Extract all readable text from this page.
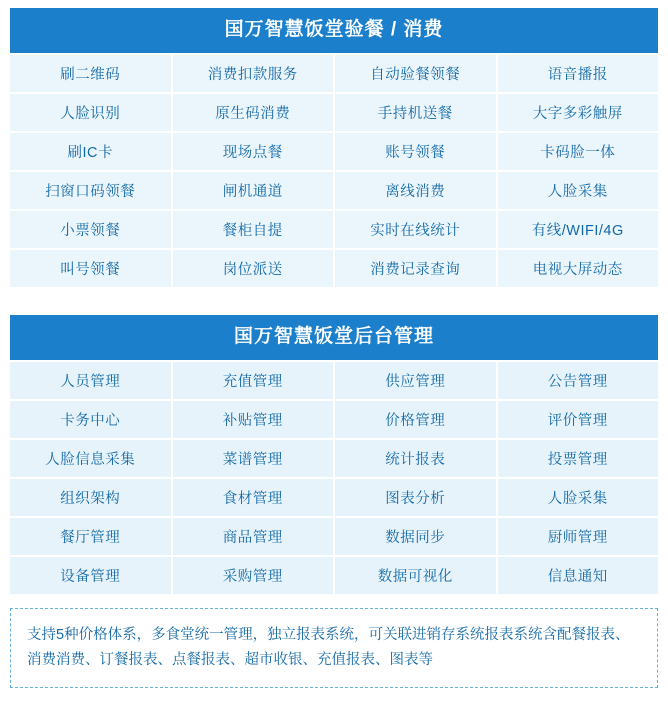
国万智慧饭堂验餐 / 消费
刷二维码	消费扣款服务	自动验餐领餐	语音播报
人脸识别	原生码消费	手持机送餐	大字多彩触屏
刷IC卡	现场点餐	账号领餐	卡码脸一体
扫窗口码领餐	闸机通道	离线消费	人脸采集
小票领餐	餐柜自提	实时在线统计	有线/WIFI/4G
叫号领餐	岗位派送	消费记录查询	电视大屏动态
国万智慧饭堂后台管理
人员管理	充值管理	供应管理	公告管理
卡务中心	补贴管理	价格管理	评价管理
人脸信息采集	菜谱管理	统计报表	投票管理
组织架构	食材管理	图表分析	人脸采集
餐厅管理	商品管理	数据同步	厨师管理
设备管理	采购管理	数据可视化	信息通知

支持5种价格体系，多食堂统一管理，独立报表系统，可关联进销存系统报表系统含配餐报表、消费消费、订餐报表、点餐报表、超市收银、充值报表、图表等
